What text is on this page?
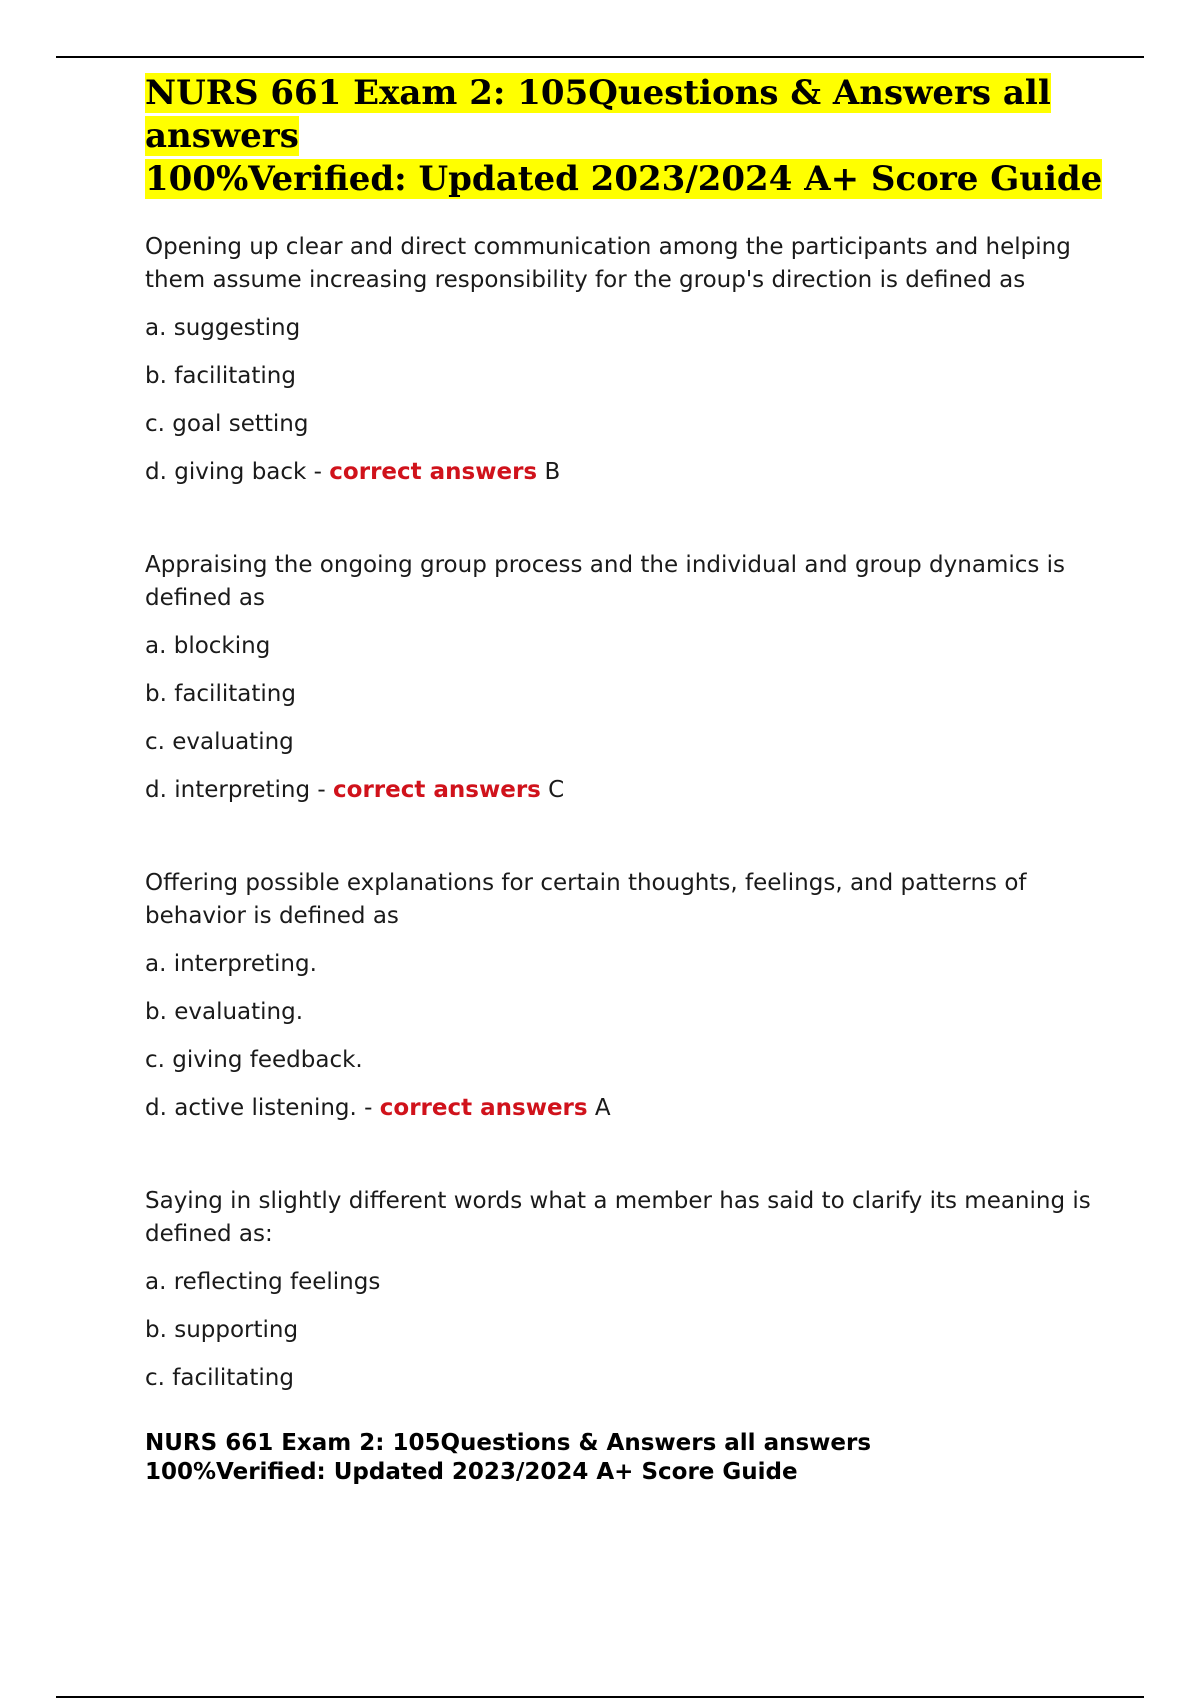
NURS 661 Exam 2: 105Questions & Answers all answers
100%Verified: Updated 2023/2024 A+ Score Guide

Opening up clear and direct communication among the participants and helping them assume increasing responsibility for the group's direction is defined as

a. suggesting

b. facilitating

c. goal setting

d. giving back - correct answers B

Appraising the ongoing group process and the individual and group dynamics is defined as

a. blocking

b. facilitating

c. evaluating

d. interpreting - correct answers C

Offering possible explanations for certain thoughts, feelings, and patterns of behavior is defined as

a. interpreting.

b. evaluating.

c. giving feedback.

d. active listening. - correct answers A

Saying in slightly different words what a member has said to clarify its meaning is defined as:

a. reflecting feelings

b. supporting

c. facilitating

NURS 661 Exam 2: 105Questions & Answers all answers
100%Verified: Updated 2023/2024 A+ Score Guide
